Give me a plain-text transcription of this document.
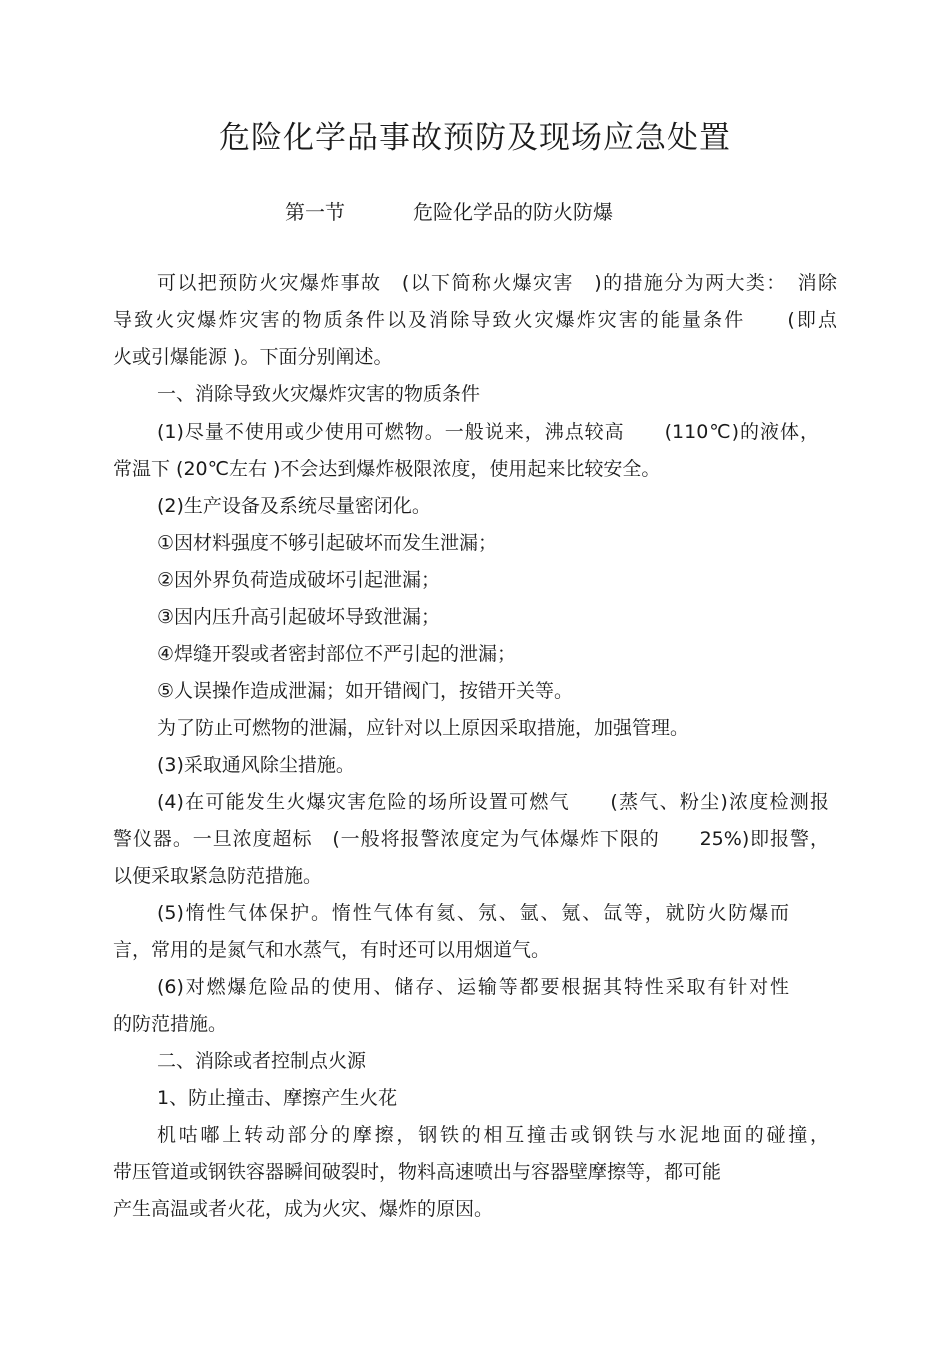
危险化学品事故预防及现场应急处置
第一节	危险化学品的防火防爆
可以把预防火灾爆炸事故　(以下简称火爆灾害　)的措施分为两大类：　消除
导致火灾爆炸灾害的物质条件以及消除导致火灾爆炸灾害的能量条件　　(即点
火或引爆能源 )。下面分别阐述。
一、消除导致火灾爆炸灾害的物质条件
(1)尽量不使用或少使用可燃物。一般说来，沸点较高　　(110℃)的液体，
常温下 (20℃左右 )不会达到爆炸极限浓度，使用起来比较安全。
(2)生产设备及系统尽量密闭化。
①因材料强度不够引起破坏而发生泄漏；
②因外界负荷造成破坏引起泄漏；
③因内压升高引起破坏导致泄漏；
④焊缝开裂或者密封部位不严引起的泄漏；
⑤人误操作造成泄漏；如开错阀门，按错开关等。
为了防止可燃物的泄漏，应针对以上原因采取措施，加强管理。
(3)采取通风除尘措施。
(4)在可能发生火爆灾害危险的场所设置可燃气　　(蒸气、粉尘)浓度检测报
警仪器。一旦浓度超标　(一般将报警浓度定为气体爆炸下限的　　25%)即报警，
以便采取紧急防范措施。
(5)惰性气体保护。惰性气体有氦、氖、氩、氪、氙等，就防火防爆而
言，常用的是氮气和水蒸气，有时还可以用烟道气。
(6)对燃爆危险品的使用、储存、运输等都要根据其特性采取有针对性
的防范措施。
二、消除或者控制点火源
1、防止撞击、摩擦产生火花
机咕嘟上转动部分的摩擦，钢铁的相互撞击或钢铁与水泥地面的碰撞，
带压管道或钢铁容器瞬间破裂时，物料高速喷出与容器壁摩擦等，都可能
产生高温或者火花，成为火灾、爆炸的原因。
